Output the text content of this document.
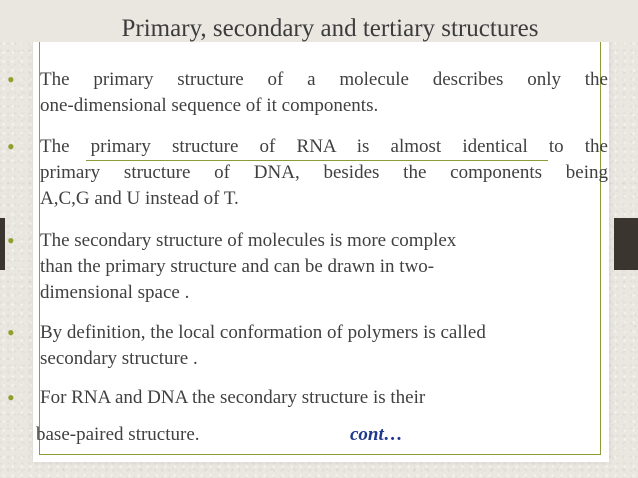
Primary, secondary and tertiary structures
• The primary structure of a molecule describes only the
one-dimensional sequence of it components.
• The primary structure of RNA is almost identical to the
primary structure of DNA, besides the components being
A,C,G and U instead of T.
• The secondary structure of molecules is more complex
than the primary structure and can be drawn in two-
dimensional space .
• By definition, the local conformation of polymers is called
secondary structure .
• For RNA and DNA the secondary structure is their
base-paired structure.	cont…
